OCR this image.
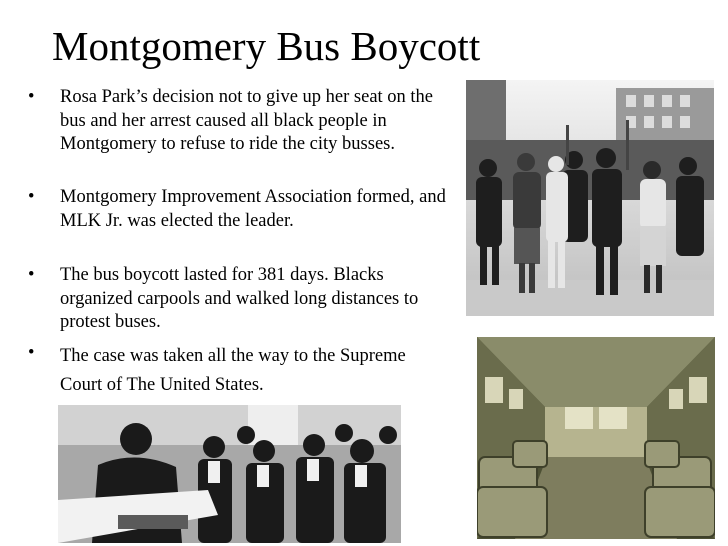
Montgomery Bus Boycott
•	Rosa Park’s decision not to give up her seat on the bus and her arrest caused all black people in Montgomery to refuse to ride the city busses.
•	Montgomery Improvement Association formed, and MLK Jr. was elected the leader.
•	The bus boycott lasted for 381 days. Blacks organized carpools and walked long distances to protest buses.
•	The case was taken all the way to the Supreme Court of The United States.
